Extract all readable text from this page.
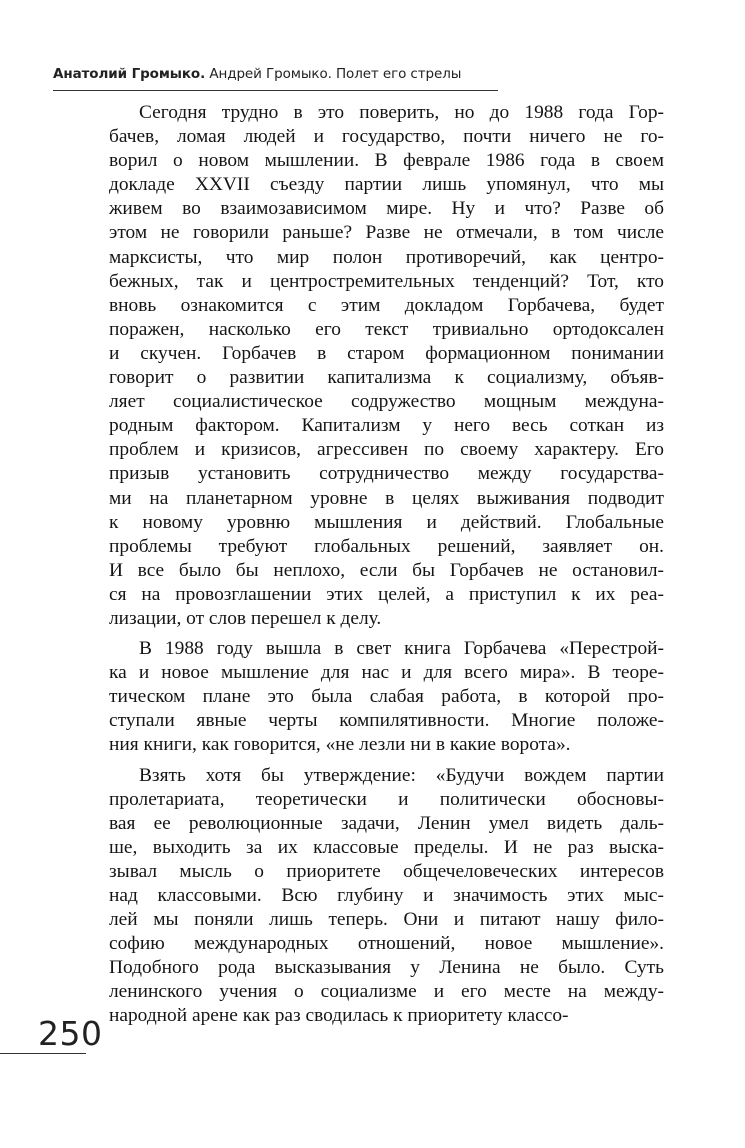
Анатолий Громыко. Андрей Громыко. Полет его стрелы

Сегодня трудно в это поверить, но до 1988 года Гор-
бачев, ломая людей и государство, почти ничего не го-
ворил о новом мышлении. В феврале 1986 года в своем
докладе XXVII съезду партии лишь упомянул, что мы
живем во взаимозависимом мире. Ну и что? Разве об
этом не говорили раньше? Разве не отмечали, в том числе
марксисты, что мир полон противоречий, как центро-
бежных, так и центростремительных тенденций? Тот, кто
вновь ознакомится с этим докладом Горбачева, будет
поражен, насколько его текст тривиально ортодоксален
и скучен. Горбачев в старом формационном понимании
говорит о развитии капитализма к социализму, объяв-
ляет социалистическое содружество мощным междуна-
родным фактором. Капитализм у него весь соткан из
проблем и кризисов, агрессивен по своему характеру. Его
призыв установить сотрудничество между государства-
ми на планетарном уровне в целях выживания подводит
к новому уровню мышления и действий. Глобальные
проблемы требуют глобальных решений, заявляет он.
И все было бы неплохо, если бы Горбачев не остановил-
ся на провозглашении этих целей, а приступил к их реа-
лизации, от слов перешел к делу.

В 1988 году вышла в свет книга Горбачева «Перестрой-
ка и новое мышление для нас и для всего мира». В теоре-
тическом плане это была слабая работа, в которой про-
ступали явные черты компилятивности. Многие положе-
ния книги, как говорится, «не лезли ни в какие ворота».

Взять хотя бы утверждение: «Будучи вождем партии
пролетариата, теоретически и политически обосновы-
вая ее революционные задачи, Ленин умел видеть даль-
ше, выходить за их классовые пределы. И не раз выска-
зывал мысль о приоритете общечеловеческих интересов
над классовыми. Всю глубину и значимость этих мыс-
лей мы поняли лишь теперь. Они и питают нашу фило-
софию международных отношений, новое мышление».
Подобного рода высказывания у Ленина не было. Суть
ленинского учения о социализме и его месте на между-
народной арене как раз сводилась к приоритету классо-

250
